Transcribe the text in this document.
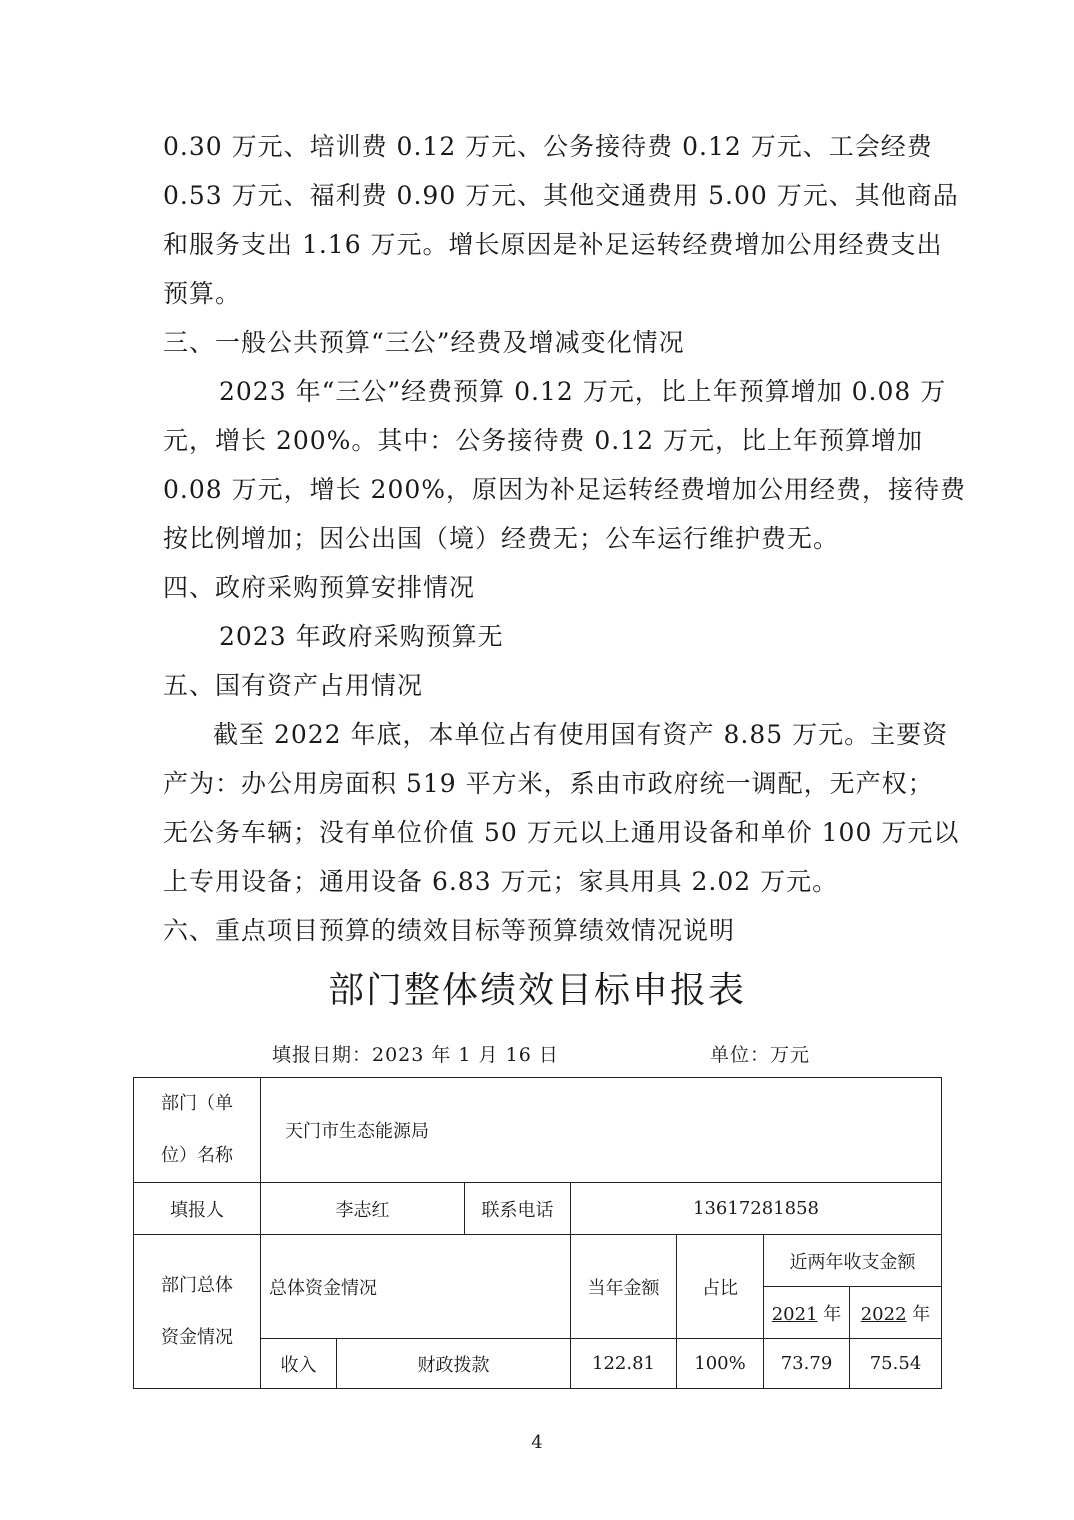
0.30 万元、培训费 0.12 万元、公务接待费 0.12 万元、工会经费
0.53 万元、福利费 0.90 万元、其他交通费用 5.00 万元、其他商品
和服务支出 1.16 万元。增长原因是补足运转经费增加公用经费支出
预算。
三、一般公共预算“三公”经费及增减变化情况
2023 年“三公”经费预算 0.12 万元，比上年预算增加 0.08 万
元，增长 200%。其中：公务接待费 0.12 万元，比上年预算增加
0.08 万元，增长 200%，原因为补足运转经费增加公用经费，接待费
按比例增加；因公出国（境）经费无；公车运行维护费无。
四、政府采购预算安排情况
2023 年政府采购预算无
五、国有资产占用情况
截至 2022 年底，本单位占有使用国有资产 8.85 万元。主要资
产为：办公用房面积 519 平方米，系由市政府统一调配，无产权；
无公务车辆；没有单位价值 50 万元以上通用设备和单价 100 万元以
上专用设备；通用设备 6.83 万元；家具用具 2.02 万元。
六、重点项目预算的绩效目标等预算绩效情况说明
部门整体绩效目标申报表
填报日期：2023 年 1 月 16 日	单位：万元
部门（单
位）名称	天门市生态能源局						
填报人	李志红		联系电话	13617281858			

部门总体
资金情况	总体资金情况			当年金额	占比	近两年收支金额	
						2021 年	2022 年
	收入	财政拨款		122.81	100%	73.79	75.54
4
